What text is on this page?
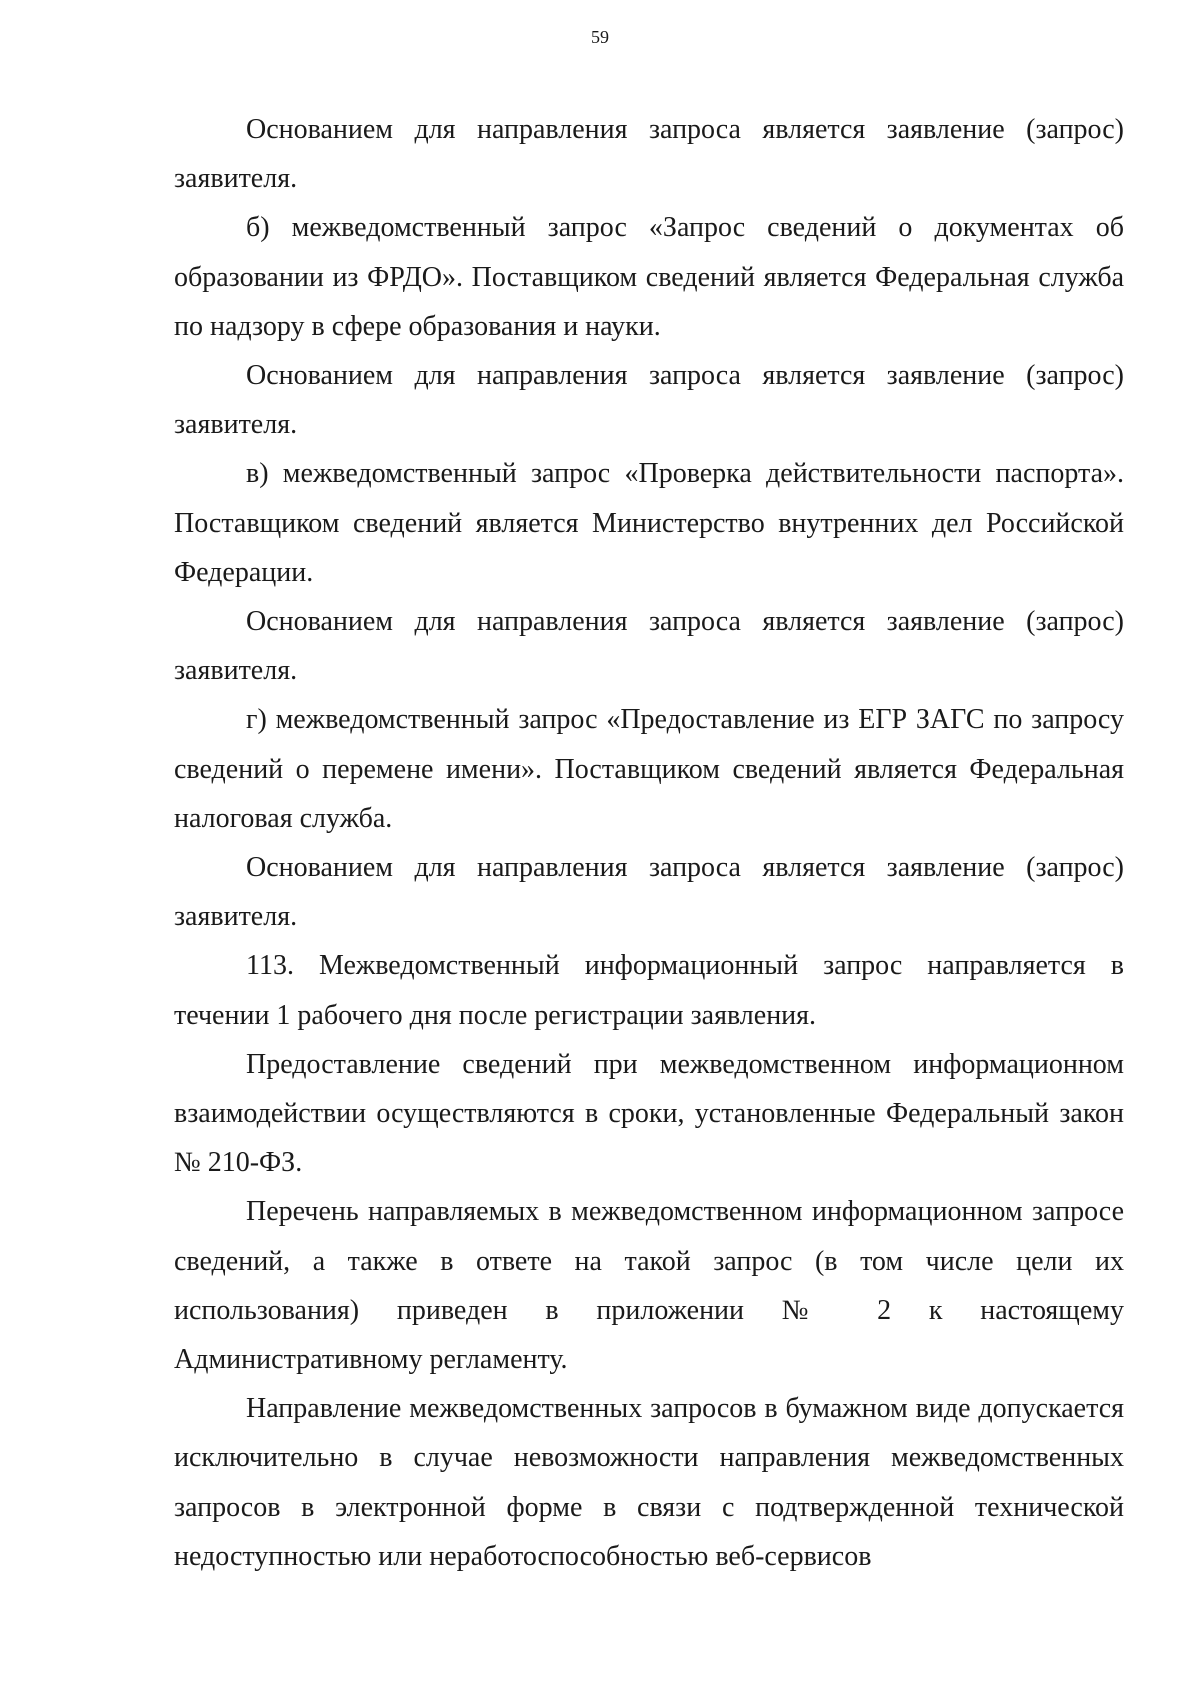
59

Основанием для направления запроса является заявление (запрос) заявителя.

б) межведомственный запрос «Запрос сведений о документах об образовании из ФРДО». Поставщиком сведений является Федеральная служба по надзору в сфере образования и науки.

Основанием для направления запроса является заявление (запрос) заявителя.

в) межведомственный запрос «Проверка действительности паспорта». Поставщиком сведений является Министерство внутренних дел Российской Федерации.

Основанием для направления запроса является заявление (запрос) заявителя.

г) межведомственный запрос «Предоставление из ЕГР ЗАГС по запросу сведений о перемене имени». Поставщиком сведений является Федеральная налоговая служба.

Основанием для направления запроса является заявление (запрос) заявителя.

113. Межведомственный информационный запрос направляется в течении 1 рабочего дня после регистрации заявления.

Предоставление сведений при межведомственном информационном взаимодействии осуществляются в сроки, установленные Федеральный закон № 210-ФЗ.

Перечень направляемых в межведомственном информационном запросе сведений, а также в ответе на такой запрос (в том числе цели их использования) приведен в приложении № 2 к настоящему Административному регламенту.

Направление межведомственных запросов в бумажном виде допускается исключительно в случае невозможности направления межведомственных запросов в электронной форме в связи с подтвержденной технической недоступностью или неработоспособностью веб-сервисов
